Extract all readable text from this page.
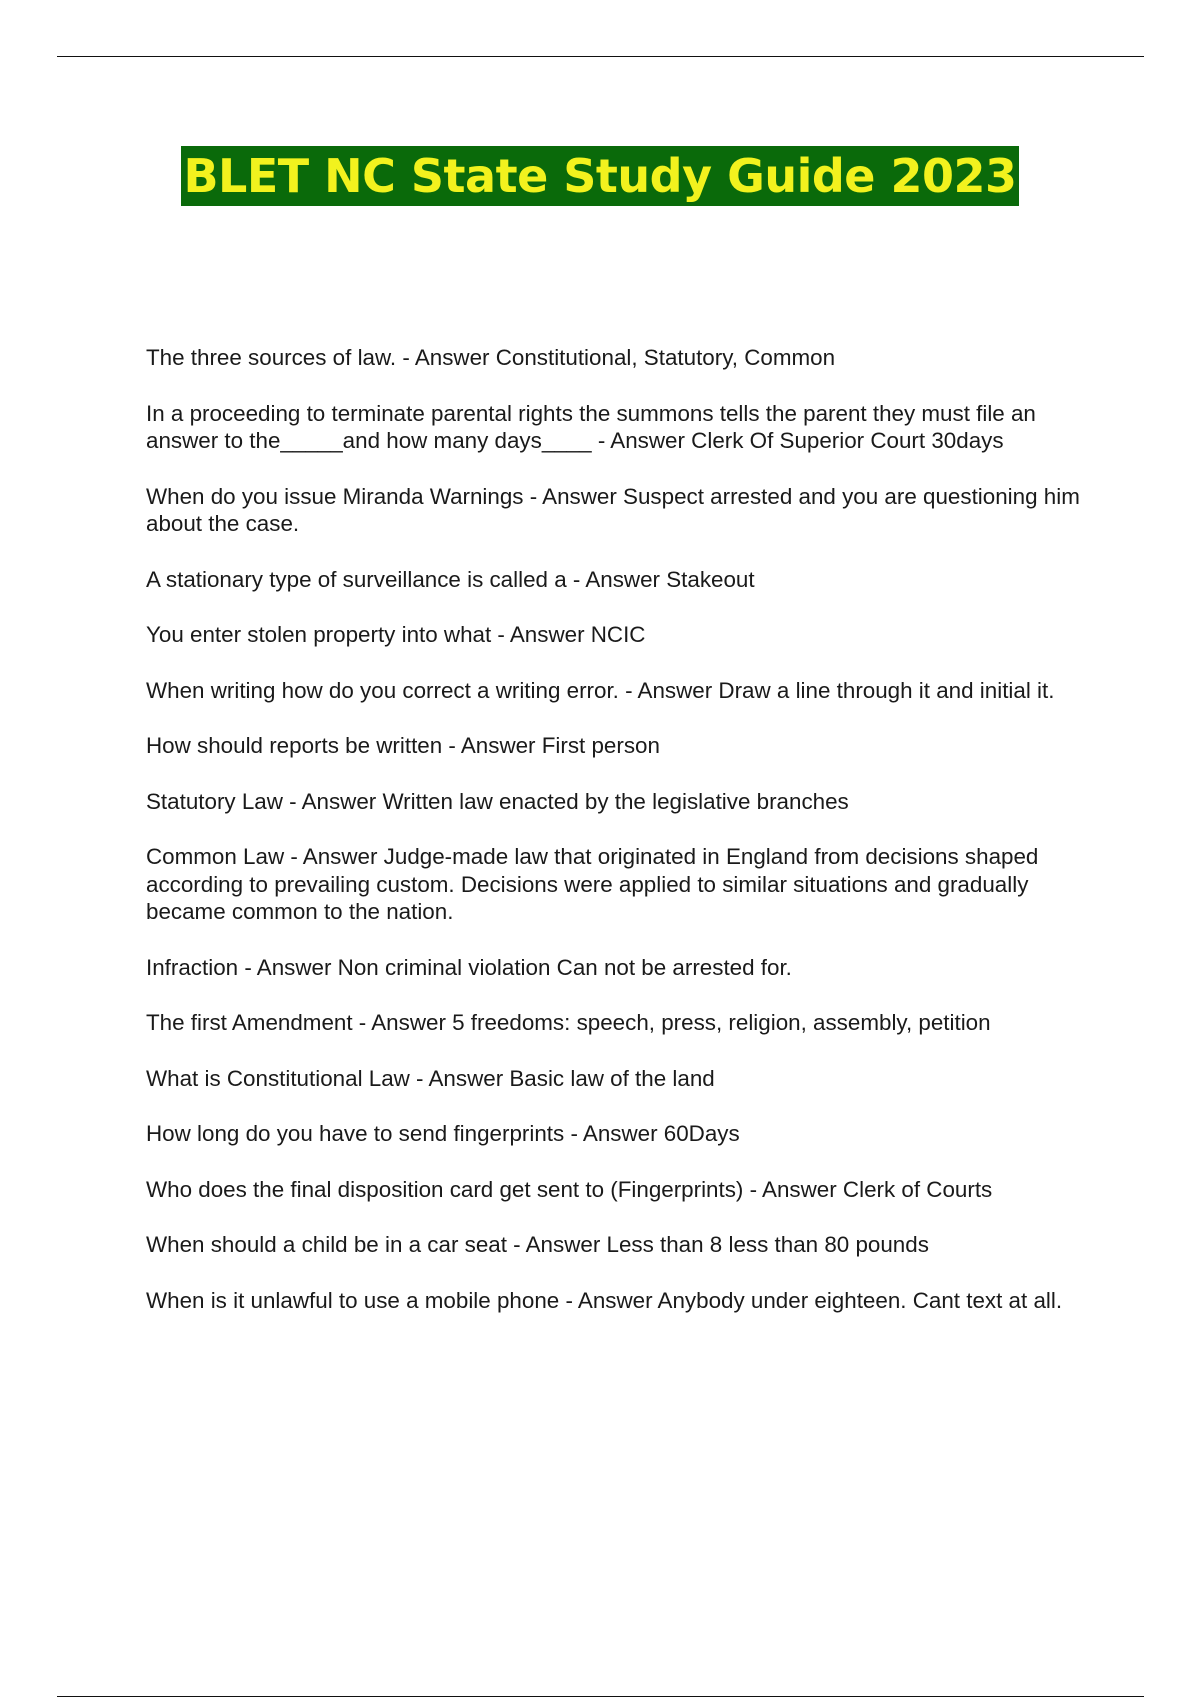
BLET NC State Study Guide 2023

The three sources of law. - Answer Constitutional, Statutory, Common

In a proceeding to terminate parental rights the summons tells the parent they must file an answer to the_____and how many days____ - Answer Clerk Of Superior Court 30days

When do you issue Miranda Warnings - Answer Suspect arrested and you are questioning him about the case.

A stationary type of surveillance is called a - Answer Stakeout

You enter stolen property into what - Answer NCIC

When writing how do you correct a writing error. - Answer Draw a line through it and initial it.

How should reports be written - Answer First person

Statutory Law - Answer Written law enacted by the legislative branches

Common Law - Answer Judge-made law that originated in England from decisions shaped according to prevailing custom. Decisions were applied to similar situations and gradually became common to the nation.

Infraction - Answer Non criminal violation Can not be arrested for.

The first Amendment - Answer 5 freedoms: speech, press, religion, assembly, petition

What is Constitutional Law - Answer Basic law of the land

How long do you have to send fingerprints - Answer 60Days

Who does the final disposition card get sent to (Fingerprints) - Answer Clerk of Courts

When should a child be in a car seat - Answer Less than 8 less than 80 pounds

When is it unlawful to use a mobile phone - Answer Anybody under eighteen. Cant text at all.
